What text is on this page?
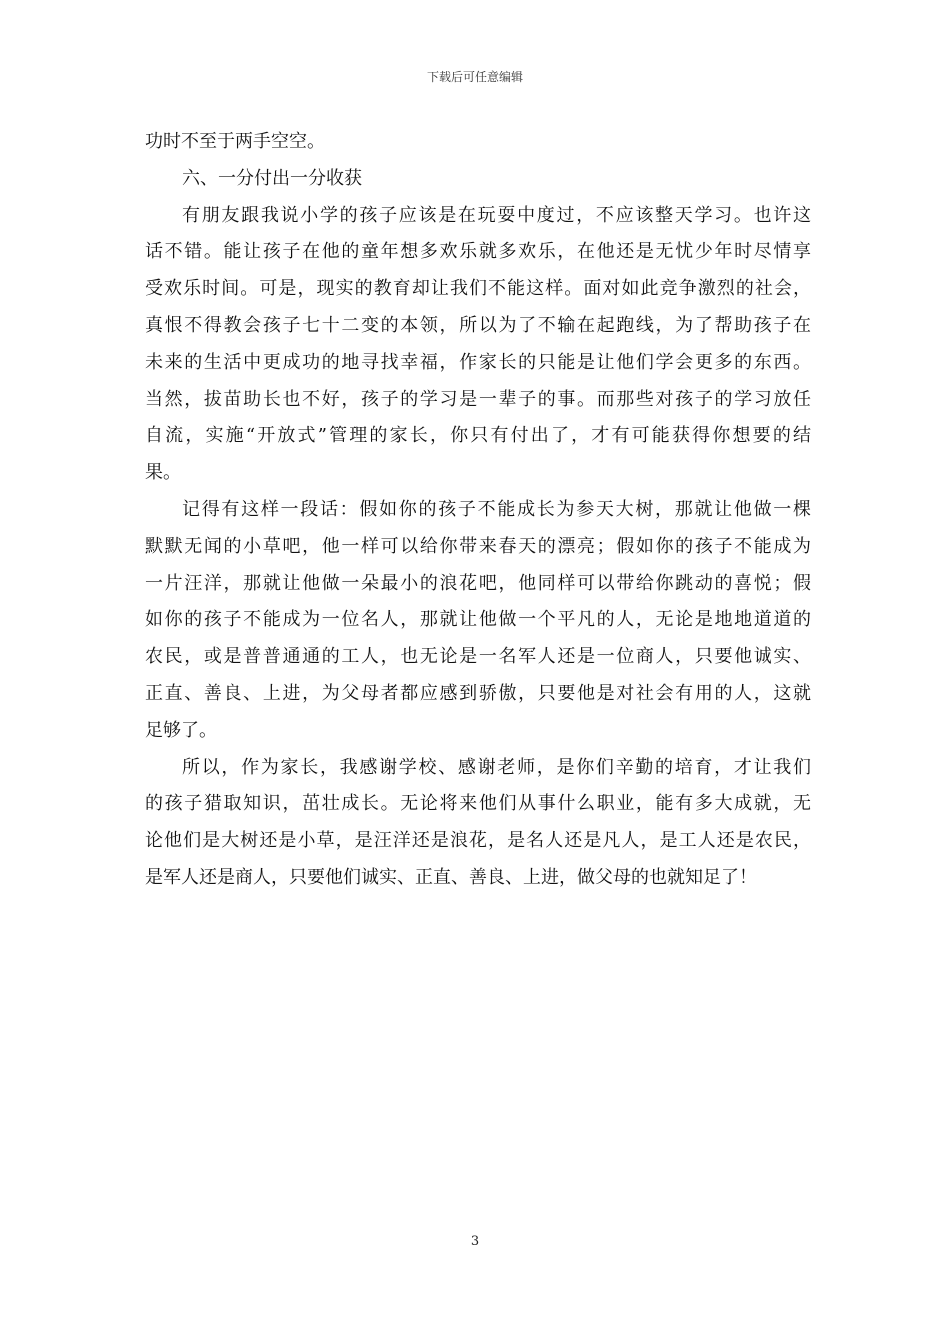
下载后可任意编辑
功时不至于两手空空。
六、一分付出一分收获
有朋友跟我说小学的孩子应该是在玩耍中度过，不应该整天学习。也许这
话不错。能让孩子在他的童年想多欢乐就多欢乐，在他还是无忧少年时尽情享
受欢乐时间。可是，现实的教育却让我们不能这样。面对如此竞争激烈的社会，
真恨不得教会孩子七十二变的本领，所以为了不输在起跑线，为了帮助孩子在
未来的生活中更成功的地寻找幸福，作家长的只能是让他们学会更多的东西。
当然，拔苗助长也不好，孩子的学习是一辈子的事。而那些对孩子的学习放任
自流，实施“开放式”管理的家长，你只有付出了，才有可能获得你想要的结
果。
记得有这样一段话：假如你的孩子不能成长为参天大树，那就让他做一棵
默默无闻的小草吧，他一样可以给你带来春天的漂亮；假如你的孩子不能成为
一片汪洋，那就让他做一朵最小的浪花吧，他同样可以带给你跳动的喜悦；假
如你的孩子不能成为一位名人，那就让他做一个平凡的人，无论是地地道道的
农民，或是普普通通的工人，也无论是一名军人还是一位商人，只要他诚实、
正直、善良、上进，为父母者都应感到骄傲，只要他是对社会有用的人，这就
足够了。
所以，作为家长，我感谢学校、感谢老师，是你们辛勤的培育，才让我们
的孩子猎取知识，茁壮成长。无论将来他们从事什么职业，能有多大成就，无
论他们是大树还是小草，是汪洋还是浪花，是名人还是凡人，是工人还是农民，
是军人还是商人，只要他们诚实、正直、善良、上进，做父母的也就知足了！
3
